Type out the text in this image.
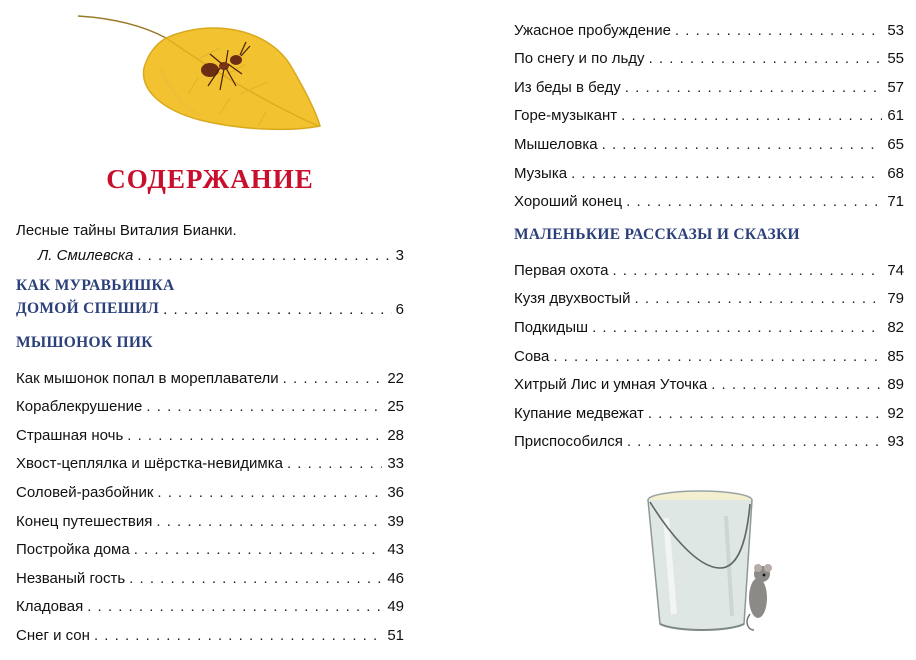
СОДЕРЖАНИЕ
Лесные тайны Виталия Бианки.
Л. Смилевска . . .	3
КАК МУРАВЬИШКА
ДОМОЙ СПЕШИЛ . . .	6
МЫШОНОК ПИК
Как мышонок попал в мореплаватели . . .	22
Кораблекрушение . . .	25
Страшная ночь . . .	28
Хвост-цеплялка и шёрстка-невидимка . . .	33
Соловей-разбойник . . .	36
Конец путешествия . . .	39
Постройка дома . . .	43
Незваный гость . . .	46
Кладовая . . .	49
Снег и сон . . .	51
Ужасное пробуждение . . .	53
По снегу и по льду . . .	55
Из беды в беду . . .	57
Горе-музыкант . . .	61
Мышеловка . . .	65
Музыка . . .	68
Хороший конец . . .	71
МАЛЕНЬКИЕ РАССКАЗЫ И СКАЗКИ
Первая охота . . .	74
Кузя двухвостый . . .	79
Подкидыш . . .	82
Сова . . .	85
Хитрый Лис и умная Уточка . . .	89
Купание медвежат . . .	92
Приспособился . . .	93
